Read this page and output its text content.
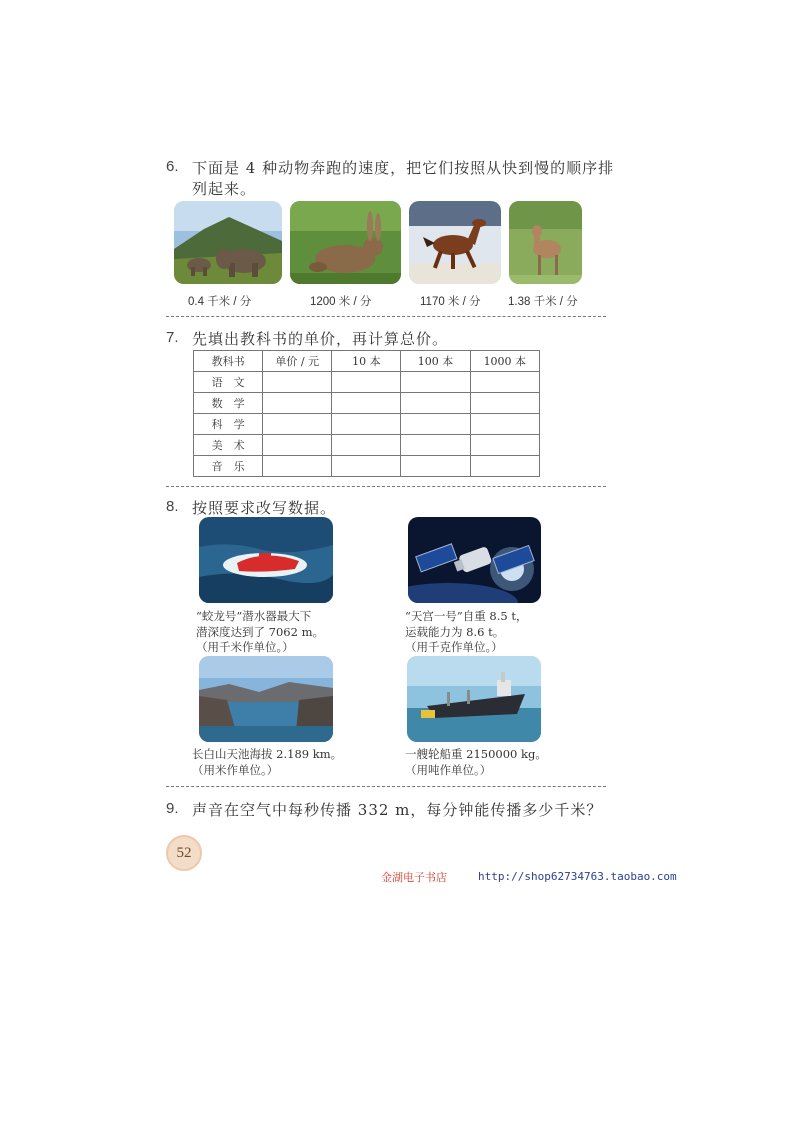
6. 下面是 4 种动物奔跑的速度，把它们按照从快到慢的顺序排
列起来。
0.4 千米 / 分	1200 米 / 分	1170 米 / 分 1.38 千米 / 分
7. 先填出教科书的单价，再计算总价。
教科书	单价 / 元	10 本	100 本	1000 本
语　文				
数　学				
科　学				
美　术				
音　乐				
8. 按照要求改写数据。
“蛟龙号”潜水器最大下
潜深度达到了 7062 m。
（用千米作单位。）
“天宫一号”自重 8.5 t，
运载能力为 8.6 t。
（用千克作单位。）
长白山天池海拔 2.189 km。
（用米作单位。）
一艘轮船重 2150000 kg。
（用吨作单位。）
9. 声音在空气中每秒传播 332 m，每分钟能传播多少千米？
52
金湖电子书店	http://shop62734763.taobao.com
